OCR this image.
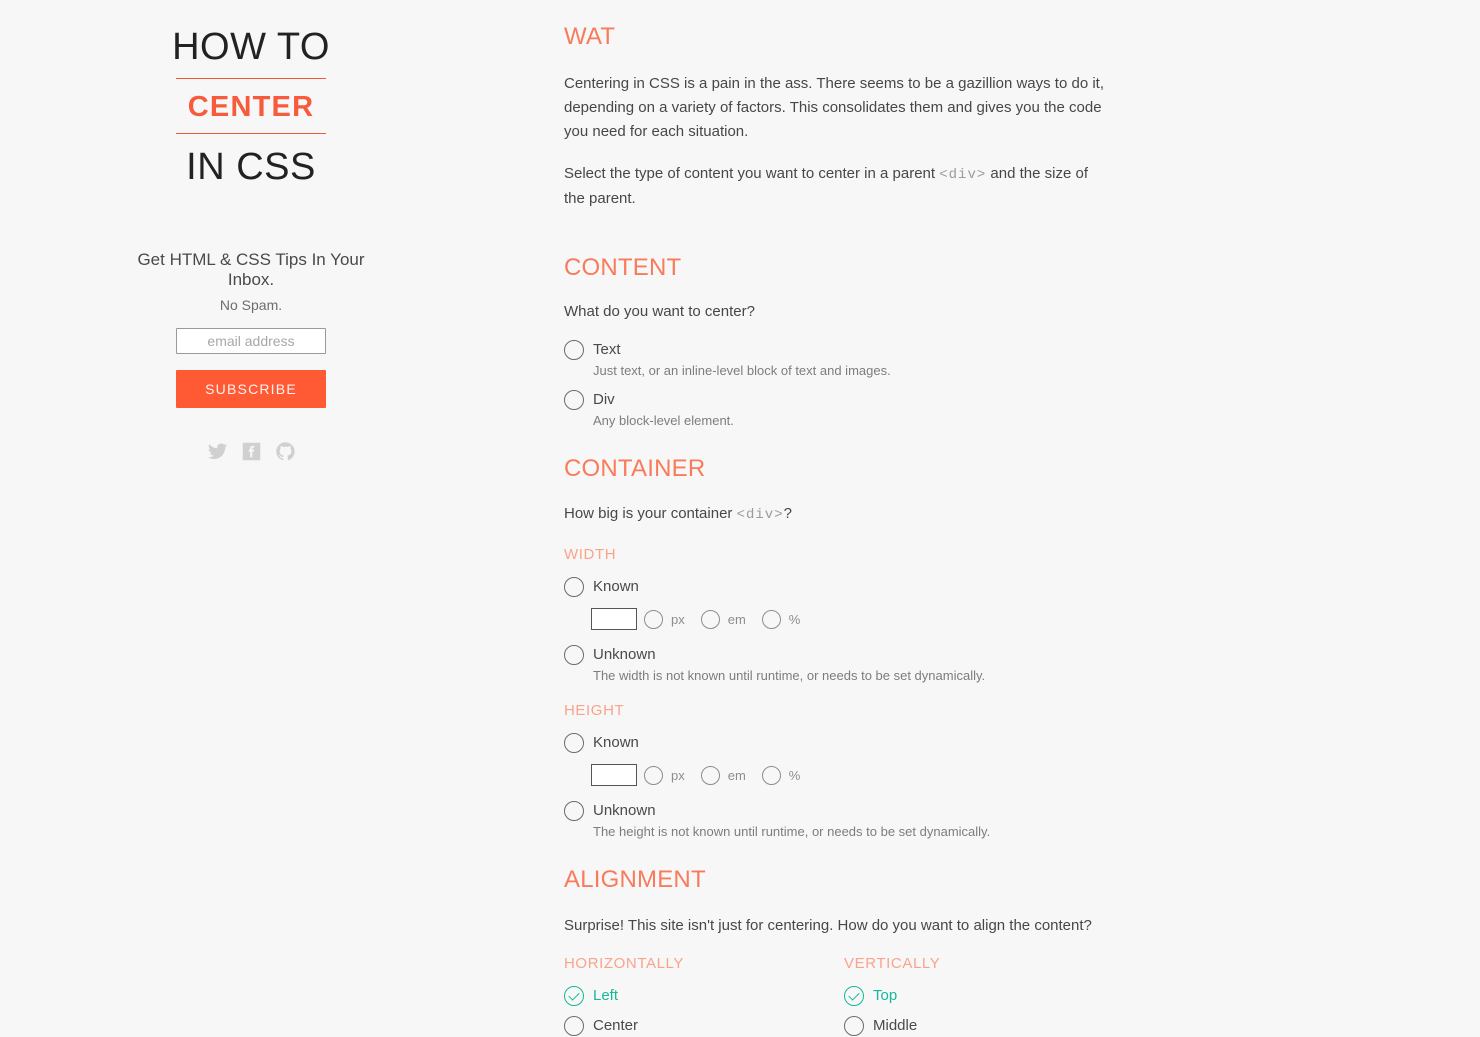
HOW TO
CENTER
IN CSS
Get HTML & CSS Tips In Your Inbox.
No Spam.
email address
SUBSCRIBE
WAT

Centering in CSS is a pain in the ass. There seems to be a gazillion ways to do it, depending on a variety of factors. This consolidates them and gives you the code you need for each situation.

Select the type of content you want to center in a parent <div> and the size of the parent.

CONTENT

What do you want to center?

Text
Just text, or an inline-level block of text and images.
Div
Any block-level element.
CONTAINER

How big is your container <div>?

WIDTH
Known
px	em	%
Unknown
The width is not known until runtime, or needs to be set dynamically.
HEIGHT
Known
px	em	%
Unknown
The height is not known until runtime, or needs to be set dynamically.
ALIGNMENT

Surprise! This site isn't just for centering. How do you want to align the content?

HORIZONTALLY
Left
Center
VERTICALLY
Top
Middle
